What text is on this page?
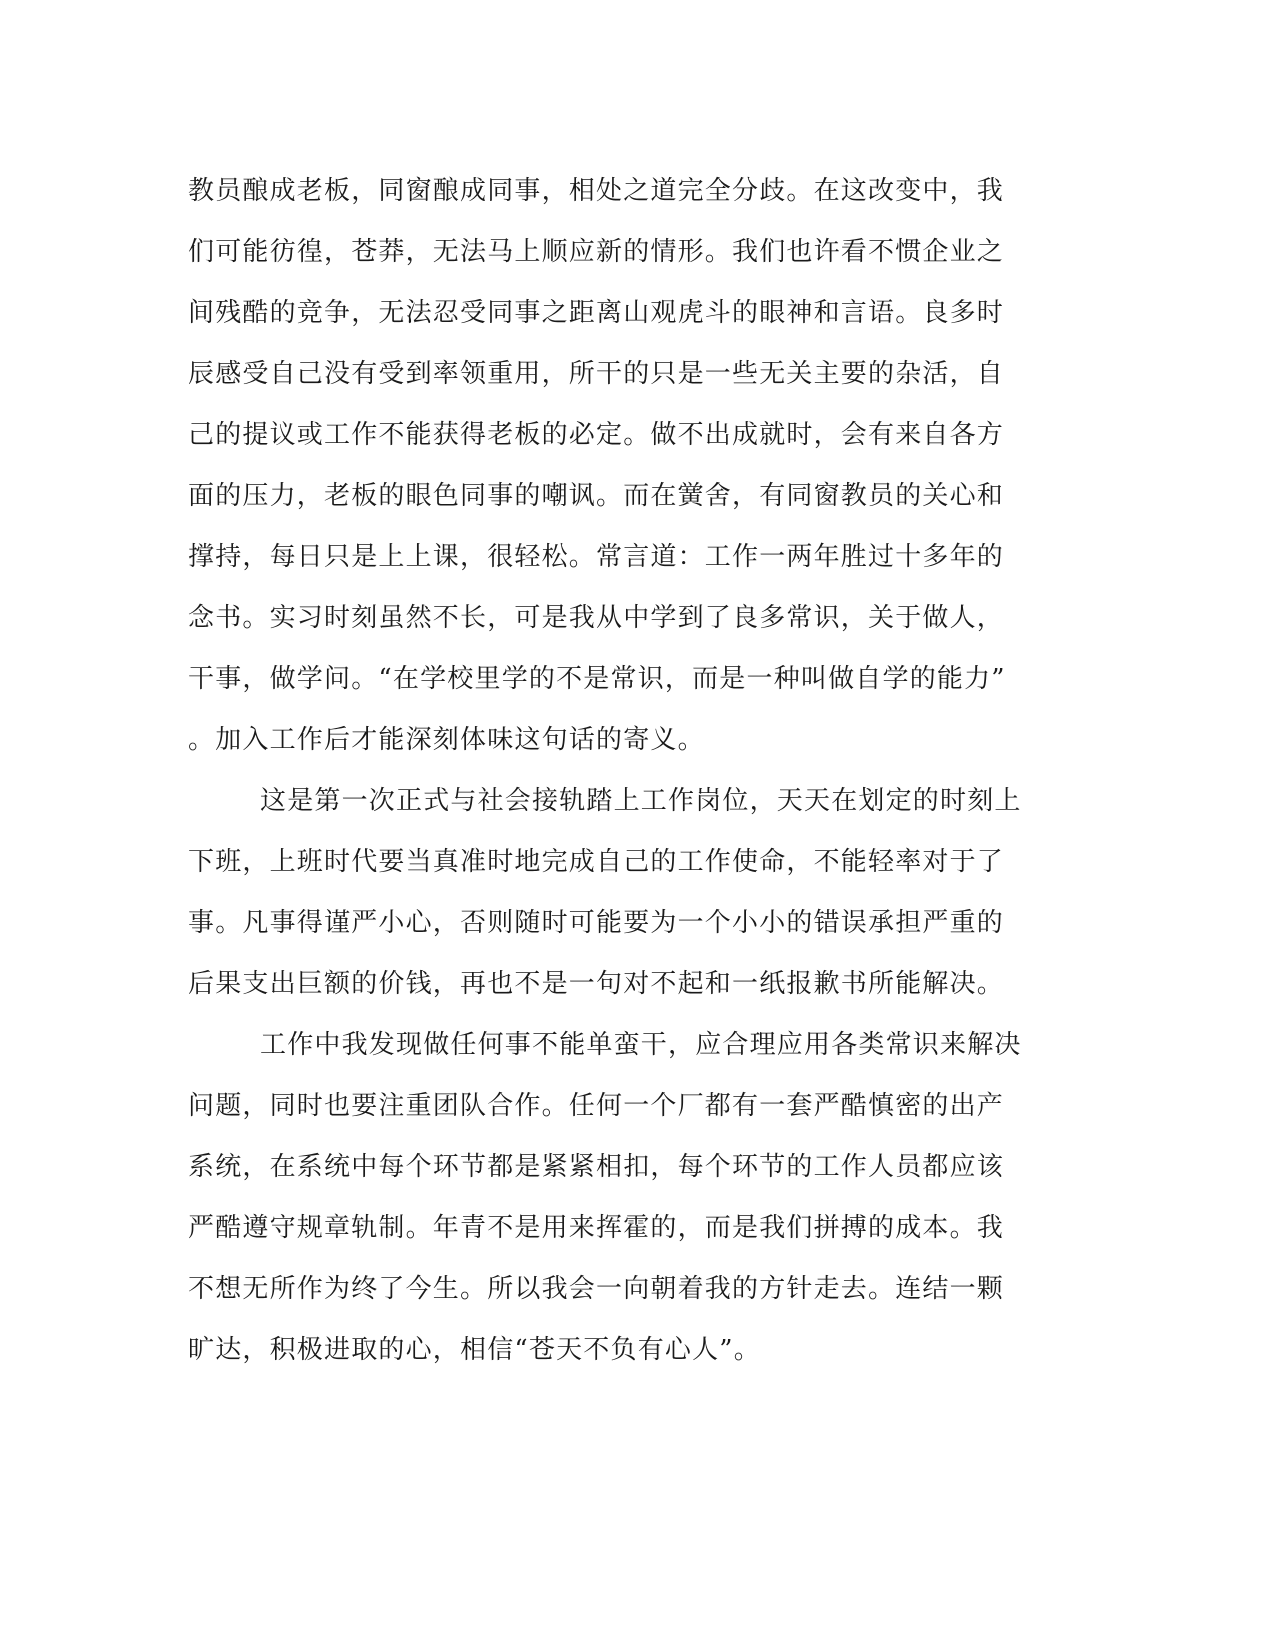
教员酿成老板，同窗酿成同事，相处之道完全分歧。在这改变中，我
们可能彷徨，苍莽，无法马上顺应新的情形。我们也许看不惯企业之
间残酷的竞争，无法忍受同事之距离山观虎斗的眼神和言语。良多时
辰感受自己没有受到率领重用，所干的只是一些无关主要的杂活，自
己的提议或工作不能获得老板的必定。做不出成就时，会有来自各方
面的压力，老板的眼色同事的嘲讽。而在黉舍，有同窗教员的关心和
撑持，每日只是上上课，很轻松。常言道：工作一两年胜过十多年的
念书。实习时刻虽然不长，可是我从中学到了良多常识，关于做人，
干事，做学问。“在学校里学的不是常识，而是一种叫做自学的能力”
。加入工作后才能深刻体味这句话的寄义。
这是第一次正式与社会接轨踏上工作岗位，天天在划定的时刻上
下班，上班时代要当真准时地完成自己的工作使命，不能轻率对于了
事。凡事得谨严小心，否则随时可能要为一个小小的错误承担严重的
后果支出巨额的价钱，再也不是一句对不起和一纸报歉书所能解决。
工作中我发现做任何事不能单蛮干，应合理应用各类常识来解决
问题，同时也要注重团队合作。任何一个厂都有一套严酷慎密的出产
系统，在系统中每个环节都是紧紧相扣，每个环节的工作人员都应该
严酷遵守规章轨制。年青不是用来挥霍的，而是我们拼搏的成本。我
不想无所作为终了今生。所以我会一向朝着我的方针走去。连结一颗
旷达，积极进取的心，相信“苍天不负有心人”。
